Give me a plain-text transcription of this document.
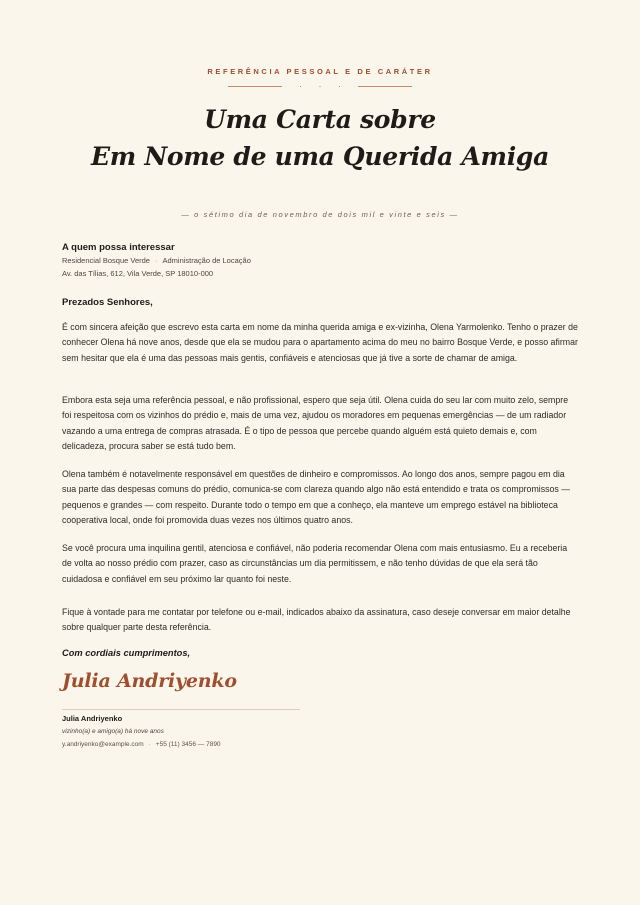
REFERÊNCIA PESSOAL E DE CARÁTER
· · ·
Uma Carta sobre
Em Nome de uma Querida Amiga
— o sétimo dia de novembro de dois mil e vinte e seis —
A quem possa interessar
Residencial Bosque Verde · Administração de Locação
Av. das Tílias, 612, Vila Verde, SP 18010-000
Prezados Senhores,

É com sincera afeição que escrevo esta carta em nome da minha querida amiga e ex-vizinha, Olena Yarmolenko. Tenho o prazer de conhecer Olena há nove anos, desde que ela se mudou para o apartamento acima do meu no bairro Bosque Verde, e posso afirmar sem hesitar que ela é uma das pessoas mais gentis, confiáveis e atenciosas que já tive a sorte de chamar de amiga.

Embora esta seja uma referência pessoal, e não profissional, espero que seja útil. Olena cuida do seu lar com muito zelo, sempre foi respeitosa com os vizinhos do prédio e, mais de uma vez, ajudou os moradores em pequenas emergências — de um radiador vazando a uma entrega de compras atrasada. É o tipo de pessoa que percebe quando alguém está quieto demais e, com delicadeza, procura saber se está tudo bem.

Olena também é notavelmente responsável em questões de dinheiro e compromissos. Ao longo dos anos, sempre pagou em dia sua parte das despesas comuns do prédio, comunica-se com clareza quando algo não está entendido e trata os compromissos — pequenos e grandes — com respeito. Durante todo o tempo em que a conheço, ela manteve um emprego estável na biblioteca cooperativa local, onde foi promovida duas vezes nos últimos quatro anos.

Se você procura uma inquilina gentil, atenciosa e confiável, não poderia recomendar Olena com mais entusiasmo. Eu a receberia de volta ao nosso prédio com prazer, caso as circunstâncias um dia permitissem, e não tenho dúvidas de que ela será tão cuidadosa e confiável em seu próximo lar quanto foi neste.

Fique à vontade para me contatar por telefone ou e-mail, indicados abaixo da assinatura, caso deseje conversar em maior detalhe sobre qualquer parte desta referência.

Com cordiais cumprimentos,
Julia Andriyenko
Julia Andriyenko
vizinho(a) e amigo(a) há nove anos
y.andriyenko@example.com · +55 (11) 3456 — 7890
